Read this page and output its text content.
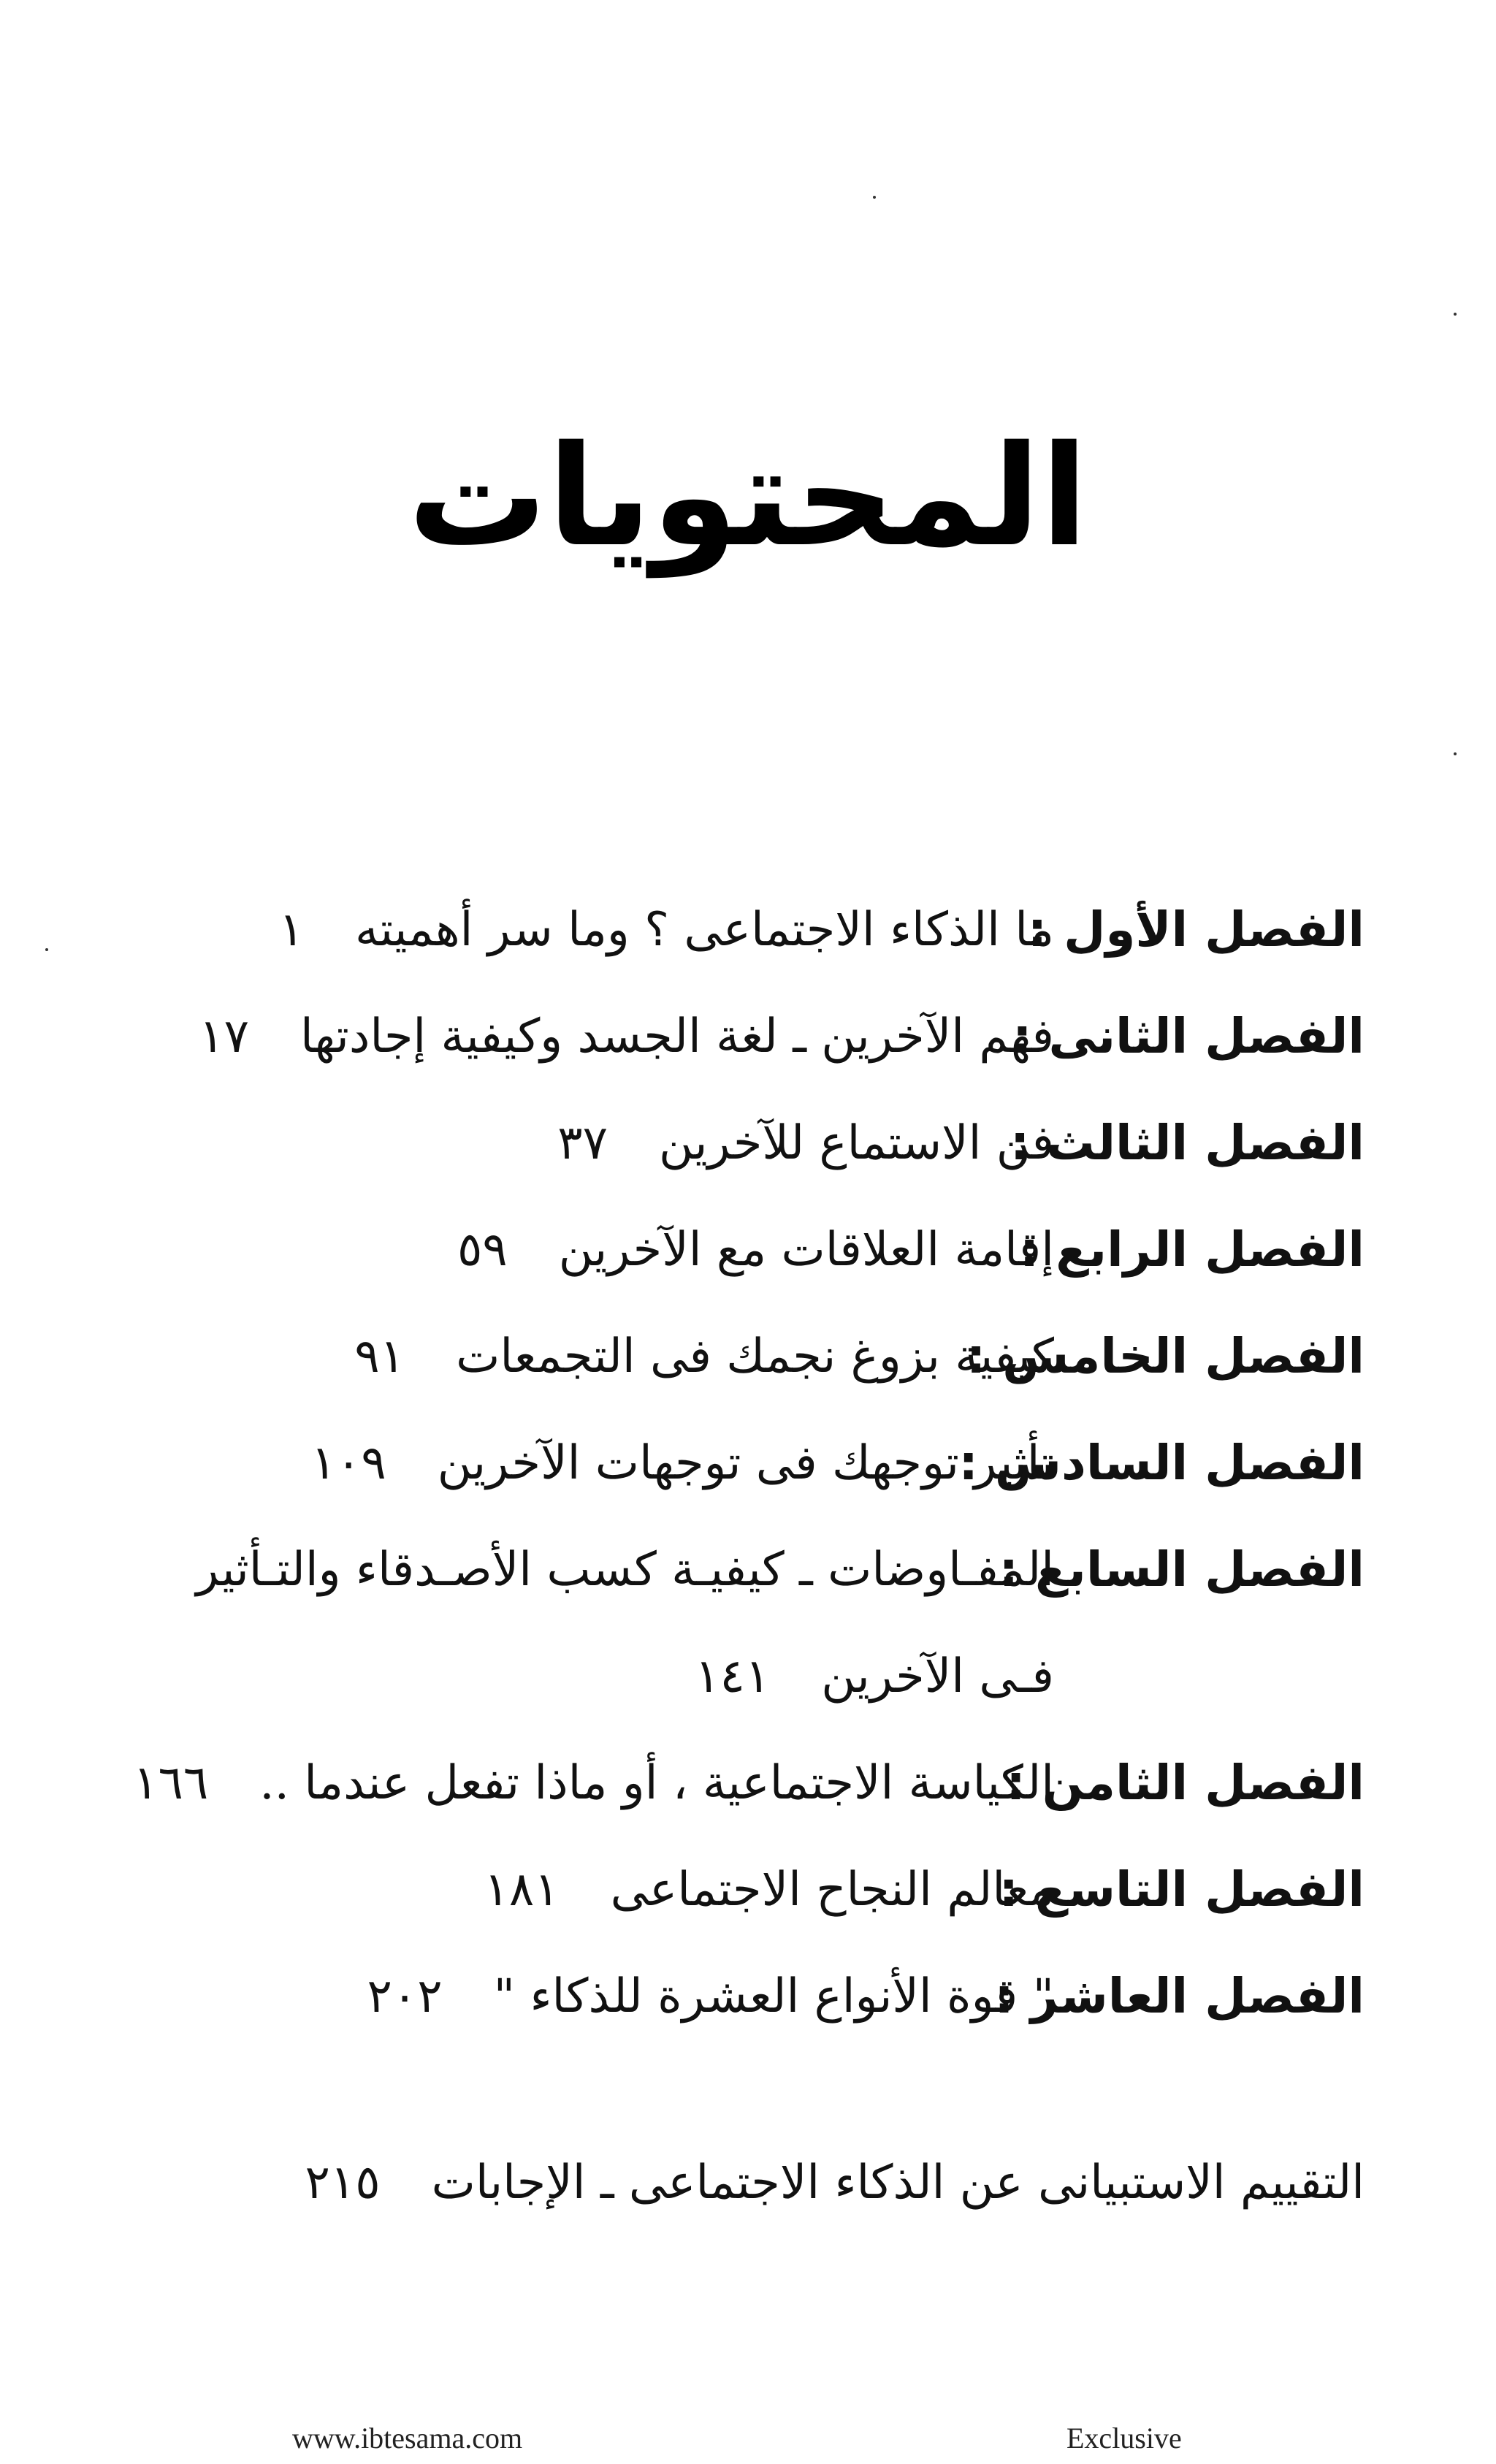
المحتويات
الفصل الأول :
ما الذكاء الاجتماعى ؟ وما سر أهميته١
الفصل الثانى :
فهم الآخرين ـ لغة الجسد وكيفية إجادتها١٧
الفصل الثالث :
فن الاستماع للآخرين٣٧
الفصل الرابع :
إقامة العلاقات مع الآخرين٥٩
الفصل الخامس :
كيفية بزوغ نجمك فى التجمعات٩١
الفصل السادس :
تأثير توجهك فى توجهات الآخرين١٠٩
الفصل السابع :
المفـاوضات ـ كيفيـة كسب الأصـدقاء والتـأثير فـى الآخرين١٤١
الفصل الثامن :
الكياسة الاجتماعية ، أو ماذا تفعل عندما ..١٦٦
الفصل التاسع :
معالم النجاح الاجتماعى١٨١
الفصل العاشر :
" قوة الأنواع العشرة للذكاء "٢٠٢
التقييم الاستبيانى عن الذكاء الاجتماعى ـ الإجابات٢١٥
www.ibtesama.com	Exclusive
